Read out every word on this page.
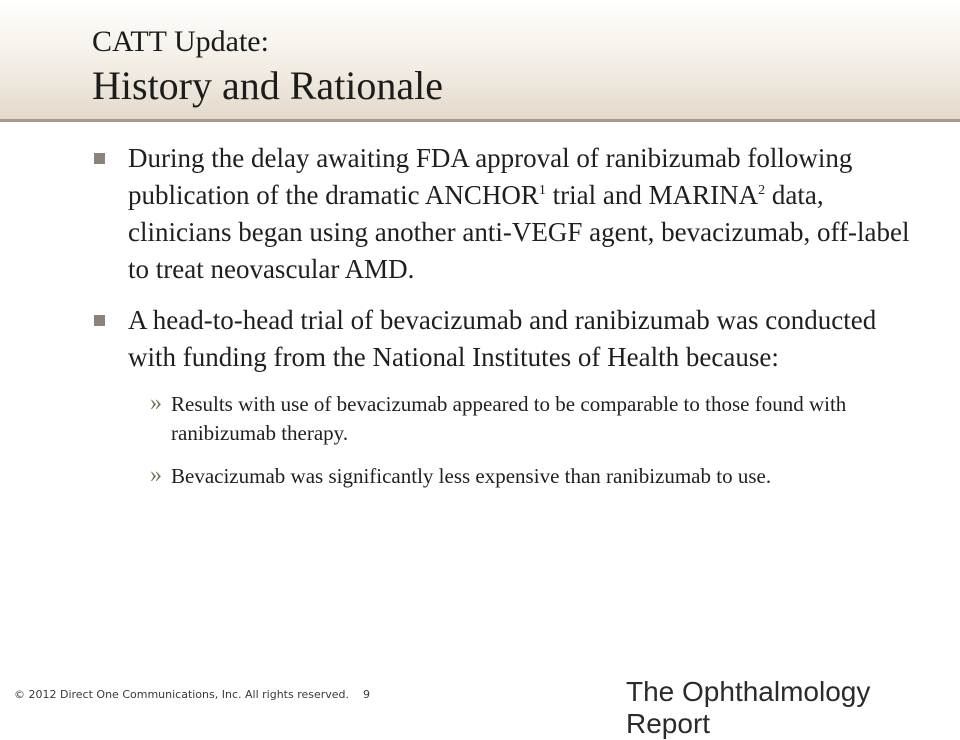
CATT Update:
History and Rationale
During the delay awaiting FDA approval of ranibizumab following publication of the dramatic ANCHOR$^1$ trial and MARINA$^2$ data, clinicians began using another anti-VEGF agent, bevacizumab, off-label to treat neovascular AMD.
A head-to-head trial of bevacizumab and ranibizumab was conducted with funding from the National Institutes of Health because:
» Results with use of bevacizumab appeared to be comparable to those found with ranibizumab therapy.
» Bevacizumab was significantly less expensive than ranibizumab to use.
© 2012 Direct One Communications, Inc. All rights reserved. 9	The Ophthalmology Report
